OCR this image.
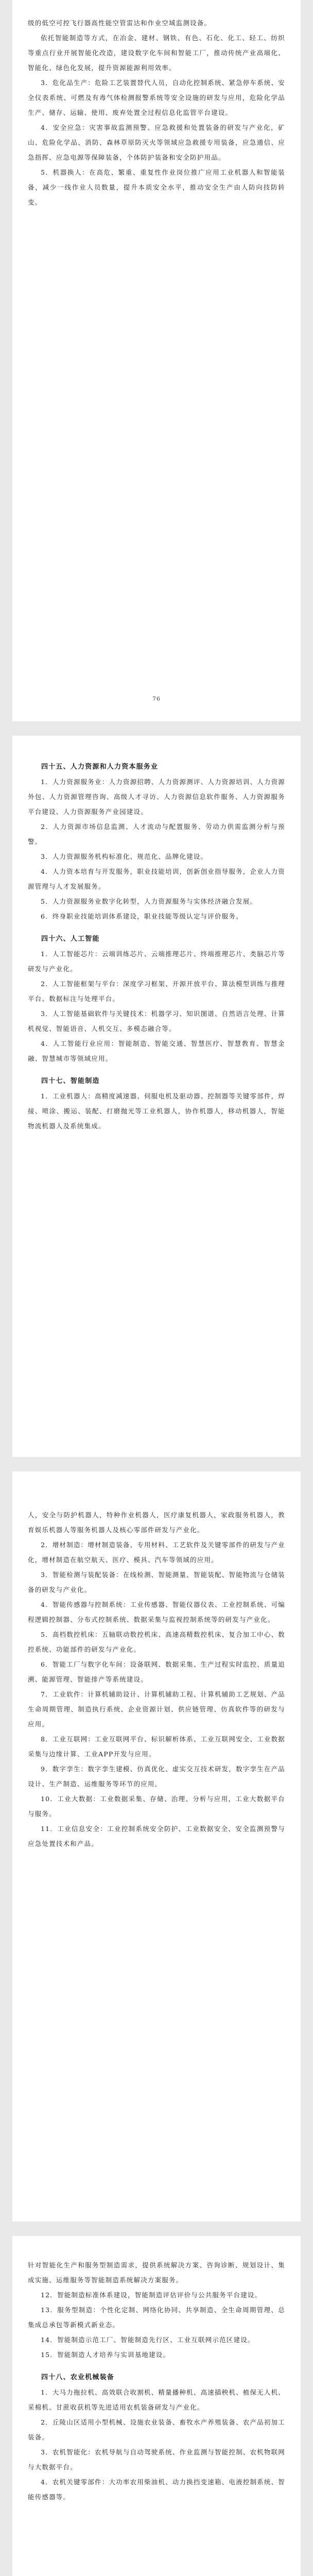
级的低空可控飞行器高性能空管雷达和作业空域监测设备。

依托智能制造等方式，在冶金、建材、钢铁、有色、石化、化工、轻工、纺织等重点行业开展智能化改造，建设数字化车间和智能工厂，推动传统产业高端化、智能化、绿色化发展，提升资源能源利用效率。

3．危化品生产：危险工艺装置替代人员，自动化控制系统、紧急停车系统、安全仪表系统、可燃及有毒气体检测报警系统等安全设施的研发与应用，危险化学品生产、储存、运输、使用、废弃处置全过程信息化监管平台建设。

4．安全应急：灾害事故监测预警、应急救援和处置装备的研发与产业化，矿山、危险化学品、消防、森林草原防灭火等领域应急救援专用装备，应急通信、应急指挥、应急电源等保障装备，个体防护装备和安全防护用品。

5．机器换人：在高危、繁重、重复性作业岗位推广应用工业机器人和智能装备，减少一线作业人员数量，提升本质安全水平，推动安全生产由人防向技防转变。

76
四十五、人力资源和人力资本服务业

1．人力资源服务业：人力资源招聘、人力资源测评、人力资源培训、人力资源外包、人力资源管理咨询、高级人才寻访、人力资源信息软件服务、人力资源服务平台建设、人力资源服务产业园建设。

2．人力资源市场信息监测、人才流动与配置服务、劳动力供需监测分析与预警。

3．人力资源服务机构标准化、规范化、品牌化建设。

4．人力资本培育与开发服务，职业技能培训，创新创业指导服务，企业人力资源管理与人才发展服务。

5．人力资源服务业数字化转型，人力资源服务与实体经济融合发展。

6．终身职业技能培训体系建设，职业技能等级认定与评价服务。

四十六、人工智能

1．人工智能芯片：云端训练芯片、云端推理芯片、终端推理芯片、类脑芯片等研发与产业化。

2．人工智能框架与平台：深度学习框架、开源开放平台、算法模型训练与推理平台、数据标注与处理平台。

3．人工智能基础软件与关键技术：机器学习、知识图谱、自然语言处理、计算机视觉、智能语音、人机交互、多模态融合等。

4．人工智能行业应用：智能制造、智能交通、智慧医疗、智慧教育、智慧金融、智慧城市等领域应用。

四十七、智能制造

1．工业机器人：高精度减速器、伺服电机及驱动器、控制器等关键零部件，焊接、喷涂、搬运、装配、打磨抛光等工业机器人，协作机器人，移动机器人，智能物流机器人及系统集成。

人，安全与防护机器人，特种作业机器人，医疗康复机器人，家政服务机器人，教育娱乐机器人等服务机器人及核心零部件研发与产业化。

2．增材制造：增材制造装备、专用材料、工艺软件及关键零部件的研发与产业化，增材制造在航空航天、医疗、模具、汽车等领域的应用。

3．智能检测与装配装备：在线检测、智能测量、智能装配、智能物流与仓储装备的研发与产业化。

4．智能传感器与控制系统：工业传感器、智能仪器仪表、工业控制系统、可编程逻辑控制器、分布式控制系统、数据采集与监视控制系统等的研发与产业化。

5．高档数控机床：五轴联动数控机床、高速高精数控机床、复合加工中心、数控系统、功能部件的研发与产业化。

6．智能工厂与数字化车间：设备联网、数据采集、生产过程实时监控、质量追溯、能源管理、智能排产等系统建设。

7．工业软件：计算机辅助设计、计算机辅助工程、计算机辅助工艺规划、产品生命周期管理、制造执行系统、企业资源计划、供应链管理、仿真软件等的研发与应用。

8．工业互联网：工业互联网平台、标识解析体系、工业互联网安全、工业数据采集与边缘计算、工业APP开发与应用。

9．数字孪生：数字孪生建模、仿真优化、虚实交互技术研发，数字孪生在产品设计、生产制造、运维服务等环节的应用。

10．工业大数据：工业数据采集、存储、治理、分析与应用，工业大数据平台与服务。

11．工业信息安全：工业控制系统安全防护、工业数据安全、安全监测预警与应急处置技术和产品。

针对智能化生产和服务型制造需求，提供系统解决方案、咨询诊断、规划设计、集成实施、运维服务等智能制造系统解决方案服务。

12．智能制造标准体系建设，智能制造评估评价与公共服务平台建设。

13．服务型制造：个性化定制、网络化协同、共享制造、全生命周期管理、总集成总承包等新模式新业态。

14．智能制造示范工厂、智能制造先行区、工业互联网示范区建设。

15．智能制造人才培养与实训基地建设。

四十八、农业机械装备

1．大马力拖拉机、高效联合收割机、精量播种机、高速插秧机、植保无人机、采棉机、甘蔗收获机等先进适用农机装备研发与产业化。

2．丘陵山区适用小型机械、设施农业装备、畜牧水产养殖装备、农产品初加工装备。

3．农机智能化：农机导航与自动驾驶系统、作业监测与智能控制、农机物联网与大数据平台。

4．农机关键零部件：大功率农用柴油机、动力换挡变速箱、电液控制系统、智能传感器等。
